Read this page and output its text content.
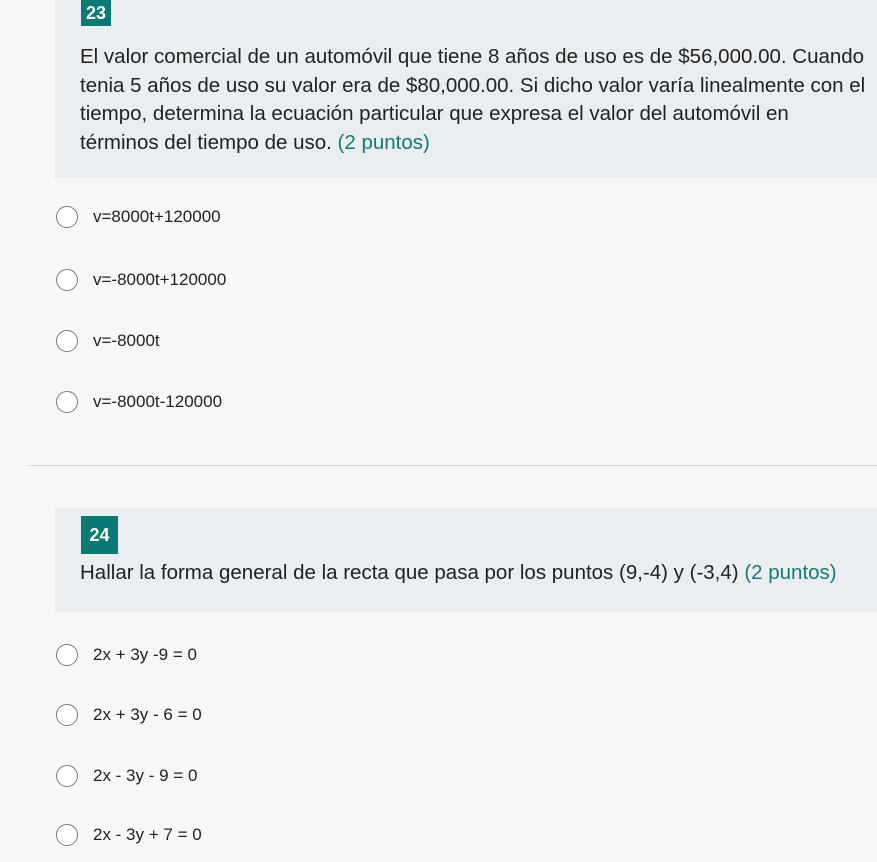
23
El valor comercial de un automóvil que tiene 8 años de uso es de $56,000.00. Cuando tenia 5 años de uso su valor era de $80,000.00. Si dicho valor varía linealmente con el tiempo, determina la ecuación particular que expresa el valor del automóvil en términos del tiempo de uso. (2 puntos)
v=8000t+120000
v=-8000t+120000
v=-8000t
v=-8000t-120000
24
Hallar la forma general de la recta que pasa por los puntos (9,-4) y (-3,4) (2 puntos)
2x + 3y -9 = 0
2x + 3y - 6 = 0
2x - 3y - 9 = 0
2x - 3y + 7 = 0
